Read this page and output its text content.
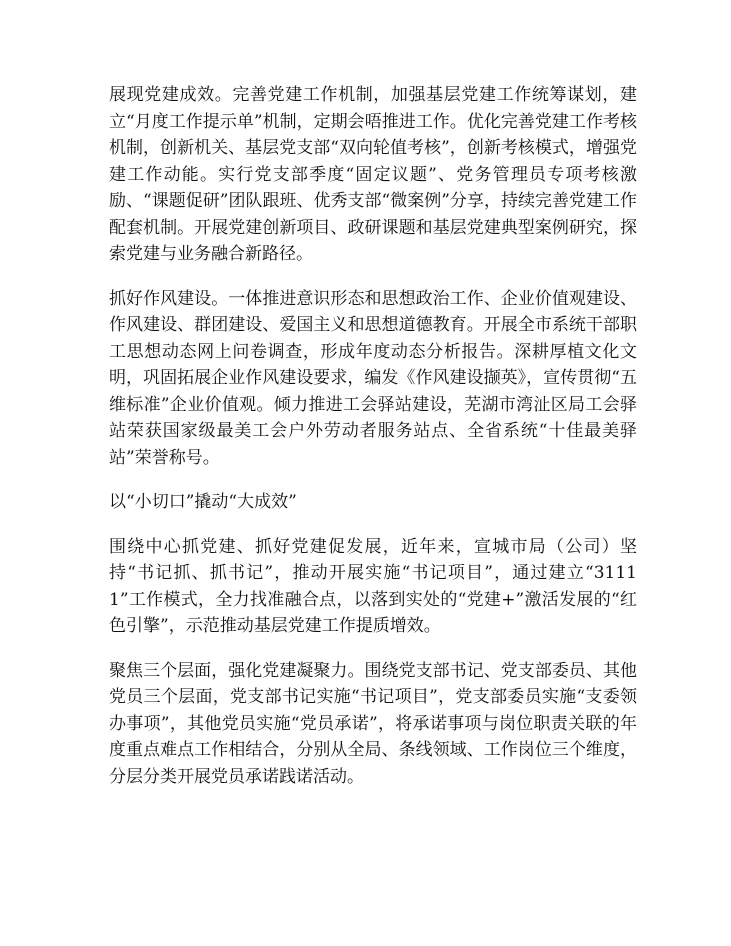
展现党建成效。完善党建工作机制，加强基层党建工作统筹谋划，建立“月度工作提示单”机制，定期会唔推进工作。优化完善党建工作考核机制，创新机关、基层党支部“双向轮值考核”，创新考核模式，增强党建工作动能。实行党支部季度“固定议题”、党务管理员专项考核激励、“课题促研”团队跟班、优秀支部“微案例”分享，持续完善党建工作配套机制。开展党建创新项目、政研课题和基层党建典型案例研究，探索党建与业务融合新路径。

抓好作风建设。一体推进意识形态和思想政治工作、企业价值观建设、作风建设、群团建设、爱国主义和思想道德教育。开展全市系统干部职工思想动态网上问卷调查，形成年度动态分析报告。深耕厚植文化文明，巩固拓展企业作风建设要求，编发《作风建设撷英》，宣传贯彻“五维标准”企业价值观。倾力推进工会驿站建设，芜湖市湾沚区局工会驿站荣获国家级最美工会户外劳动者服务站点、全省系统“十佳最美驿站”荣誉称号。

以“小切口”撬动“大成效”

围绕中心抓党建、抓好党建促发展，近年来，宣城市局（公司）坚持“书记抓、抓书记”，推动开展实施“书记项目”，通过建立“31111”工作模式，全力找准融合点，以落到实处的“党建+”激活发展的“红色引擎”，示范推动基层党建工作提质增效。

聚焦三个层面，强化党建凝聚力。围绕党支部书记、党支部委员、其他党员三个层面，党支部书记实施“书记项目”，党支部委员实施“支委领办事项”，其他党员实施“党员承诺”，将承诺事项与岗位职责关联的年度重点难点工作相结合，分别从全局、条线领域、工作岗位三个维度，分层分类开展党员承诺践诺活动。
